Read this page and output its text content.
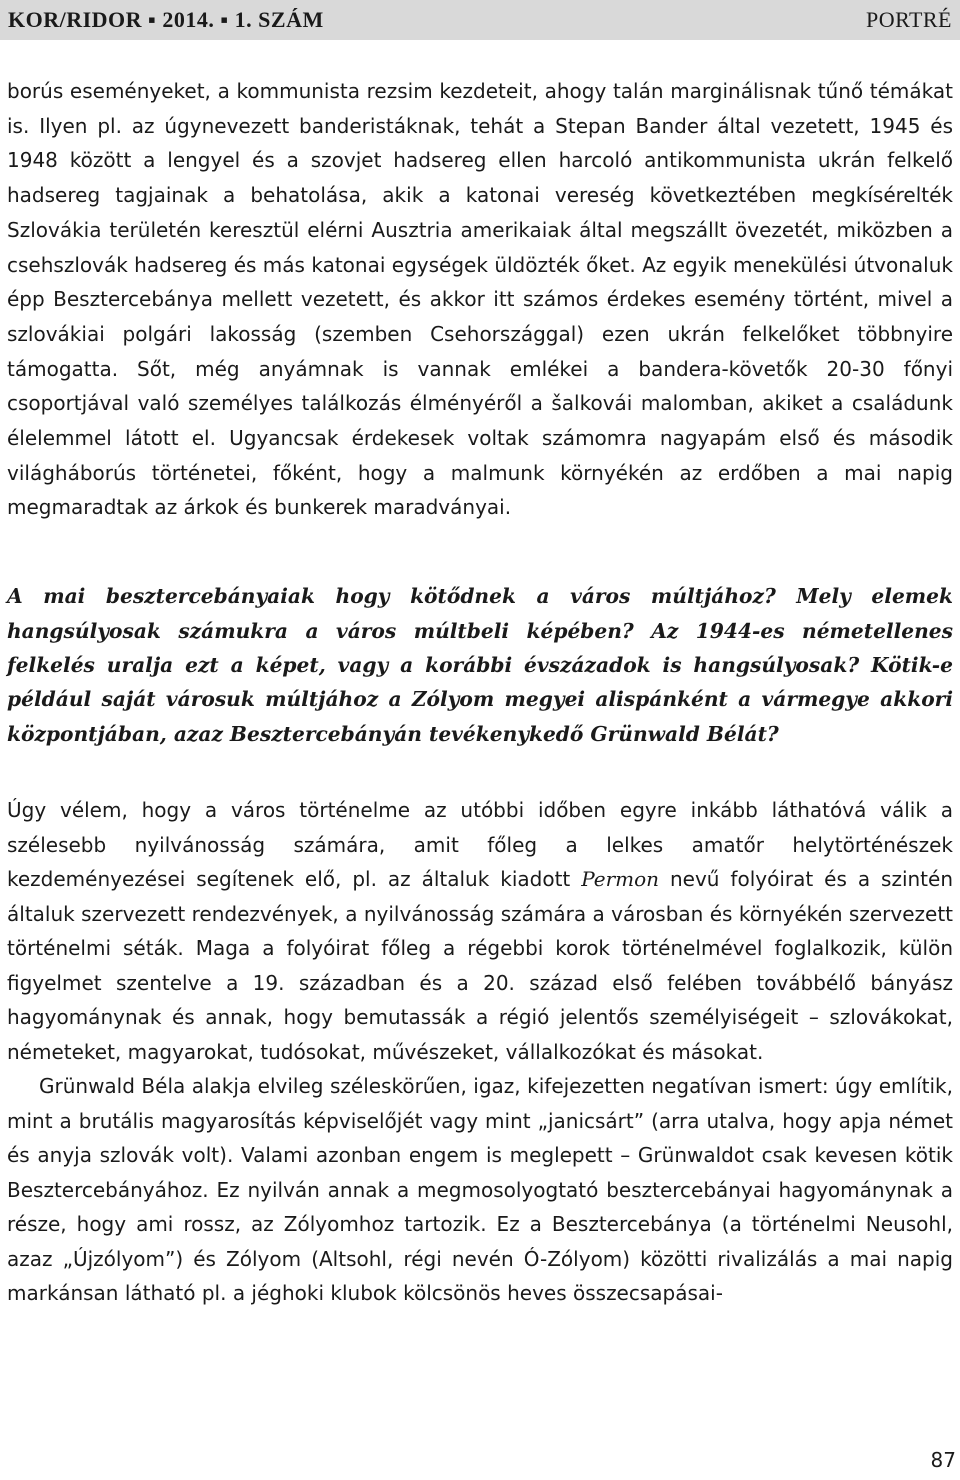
KOR/RIDOR ▪ 2014. ▪ 1. SZÁM	PORTRÉ

borús eseményeket, a kommunista rezsim kezdeteit, ahogy talán marginálisnak tűnő témákat is. Ilyen pl. az úgynevezett banderistáknak, tehát a Stepan Bander által vezetett, 1945 és 1948 között a lengyel és a szovjet hadsereg ellen harcoló antikommunista ukrán felkelő hadsereg tagjainak a behatolása, akik a katonai vereség következtében megkísérelték Szlovákia területén keresztül elérni Ausztria amerikaiak által megszállt övezetét, miközben a csehszlovák hadsereg és más katonai egységek üldözték őket. Az egyik menekülési útvonaluk épp Besztercebánya mellett vezetett, és akkor itt számos érdekes esemény történt, mivel a szlovákiai polgári lakosság (szemben Csehországgal) ezen ukrán felkelőket többnyire támogatta. Sőt, még anyámnak is vannak emlékei a bandera-követők 20-30 főnyi csoportjával való személyes találkozás élményéről a šalkovái malomban, akiket a családunk élelemmel látott el. Ugyancsak érdekesek voltak számomra nagyapám első és második világháborús történetei, főként, hogy a malmunk környékén az erdőben a mai napig megmaradtak az árkok és bunkerek maradványai.

A mai besztercebányaiak hogy kötődnek a város múltjához? Mely elemek hangsúlyosak számukra a város múltbeli képében? Az 1944-es németellenes felkelés uralja ezt a képet, vagy a korábbi évszázadok is hangsúlyosak? Kötik-e például saját városuk múltjához a Zólyom megyei alispánként a vármegye akkori központjában, azaz Besztercebányán tevékenykedő Grünwald Bélát?

Úgy vélem, hogy a város történelme az utóbbi időben egyre inkább láthatóvá válik a szélesebb nyilvánosság számára, amit főleg a lelkes amatőr helytörténészek kezdeményezései segítenek elő, pl. az általuk kiadott Permon nevű folyóirat és a szintén általuk szervezett rendezvények, a nyilvánosság számára a városban és környékén szervezett történelmi séták. Maga a folyóirat főleg a régebbi korok történelmével foglalkozik, külön figyelmet szentelve a 19. században és a 20. század első felében továbbélő bányász hagyománynak és annak, hogy bemutassák a régió jelentős személyiségeit – szlovákokat, németeket, magyarokat, tudósokat, művészeket, vállalkozókat és másokat.

Grünwald Béla alakja elvileg széleskörűen, igaz, kifejezetten negatívan ismert: úgy említik, mint a brutális magyarosítás képviselőjét vagy mint „janicsárt” (arra utalva, hogy apja német és anyja szlovák volt). Valami azonban engem is meglepett – Grünwaldot csak kevesen kötik Besztercebányához. Ez nyilván annak a megmosolyogtató besztercebányai hagyománynak a része, hogy ami rossz, az Zólyomhoz tartozik. Ez a Besztercebánya (a történelmi Neusohl, azaz „Újzólyom”) és Zólyom (Altsohl, régi nevén Ó-Zólyom) közötti rivalizálás a mai napig markánsan látható pl. a jéghoki klubok kölcsönös heves összecsapásai-

87
